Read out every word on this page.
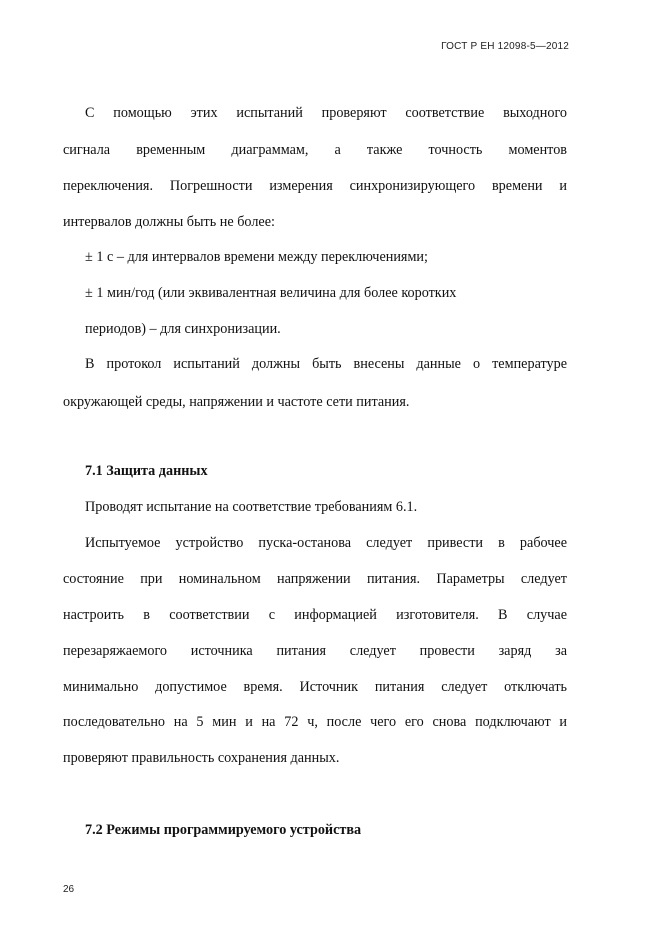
ГОСТ Р ЕН 12098-5—2012
С помощью этих испытаний проверяют соответствие выходного
сигнала временным диаграммам, а также точность моментов
переключения. Погрешности измерения синхронизирующего времени и
интервалов должны быть не более:
± 1 с – для интервалов времени между переключениями;
± 1 мин/год (или эквивалентная величина для более коротких
периодов) – для синхронизации.
В протокол испытаний должны быть внесены данные о температуре
окружающей среды, напряжении и частоте сети питания.
7.1 Защита данных
Проводят испытание на соответствие требованиям 6.1.
Испытуемое устройство пуска-останова следует привести в рабочее
состояние при номинальном напряжении питания. Параметры следует
настроить в соответствии с информацией изготовителя. В случае
перезаряжаемого источника питания следует провести заряд за
минимально допустимое время. Источник питания следует отключать
последовательно на 5 мин и на 72 ч, после чего его снова подключают и
проверяют правильность сохранения данных.
7.2 Режимы программируемого устройства
26
